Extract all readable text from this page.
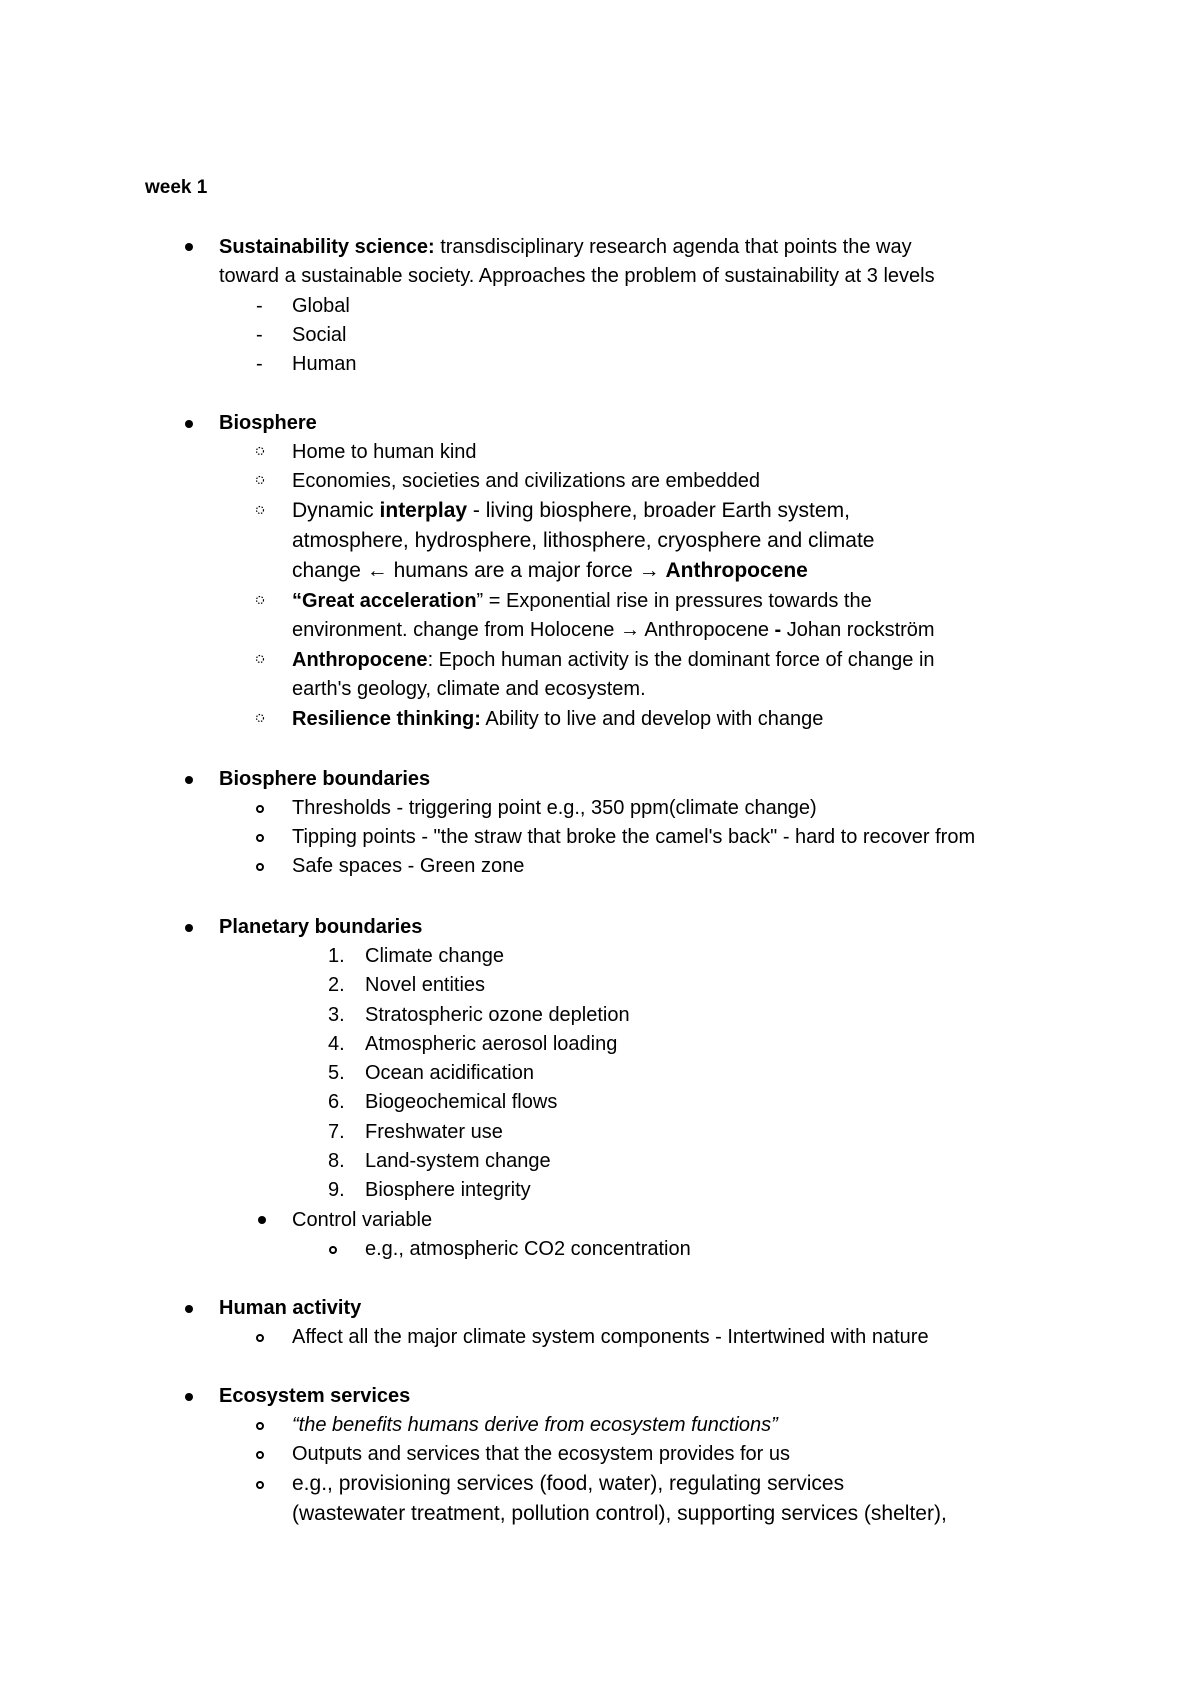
week 1

Sustainability science: transdisciplinary research agenda that points the way

toward a sustainable society. Approaches the problem of sustainability at 3 levels

- Global

- Social

- Human

Biosphere

Home to human kind

Economies, societies and civilizations are embedded

Dynamic interplay - living biosphere, broader Earth system,

atmosphere, hydrosphere, lithosphere, cryosphere and climate

change ← humans are a major force → Anthropocene

“Great acceleration” = Exponential rise in pressures towards the

environment. change from Holocene → Anthropocene - Johan rockström

Anthropocene: Epoch human activity is the dominant force of change in

earth's geology, climate and ecosystem.

Resilience thinking: Ability to live and develop with change

Biosphere boundaries

Thresholds - triggering point e.g., 350 ppm(climate change)

Tipping points - "the straw that broke the camel's back" - hard to recover from

Safe spaces - Green zone

Planetary boundaries

1. Climate change

2. Novel entities

3. Stratospheric ozone depletion

4. Atmospheric aerosol loading

5. Ocean acidification

6. Biogeochemical flows

7. Freshwater use

8. Land-system change

9. Biosphere integrity

Control variable

e.g., atmospheric CO2 concentration

Human activity

Affect all the major climate system components - Intertwined with nature

Ecosystem services

“the benefits humans derive from ecosystem functions”

Outputs and services that the ecosystem provides for us

e.g., provisioning services (food, water), regulating services

(wastewater treatment, pollution control), supporting services (shelter),
